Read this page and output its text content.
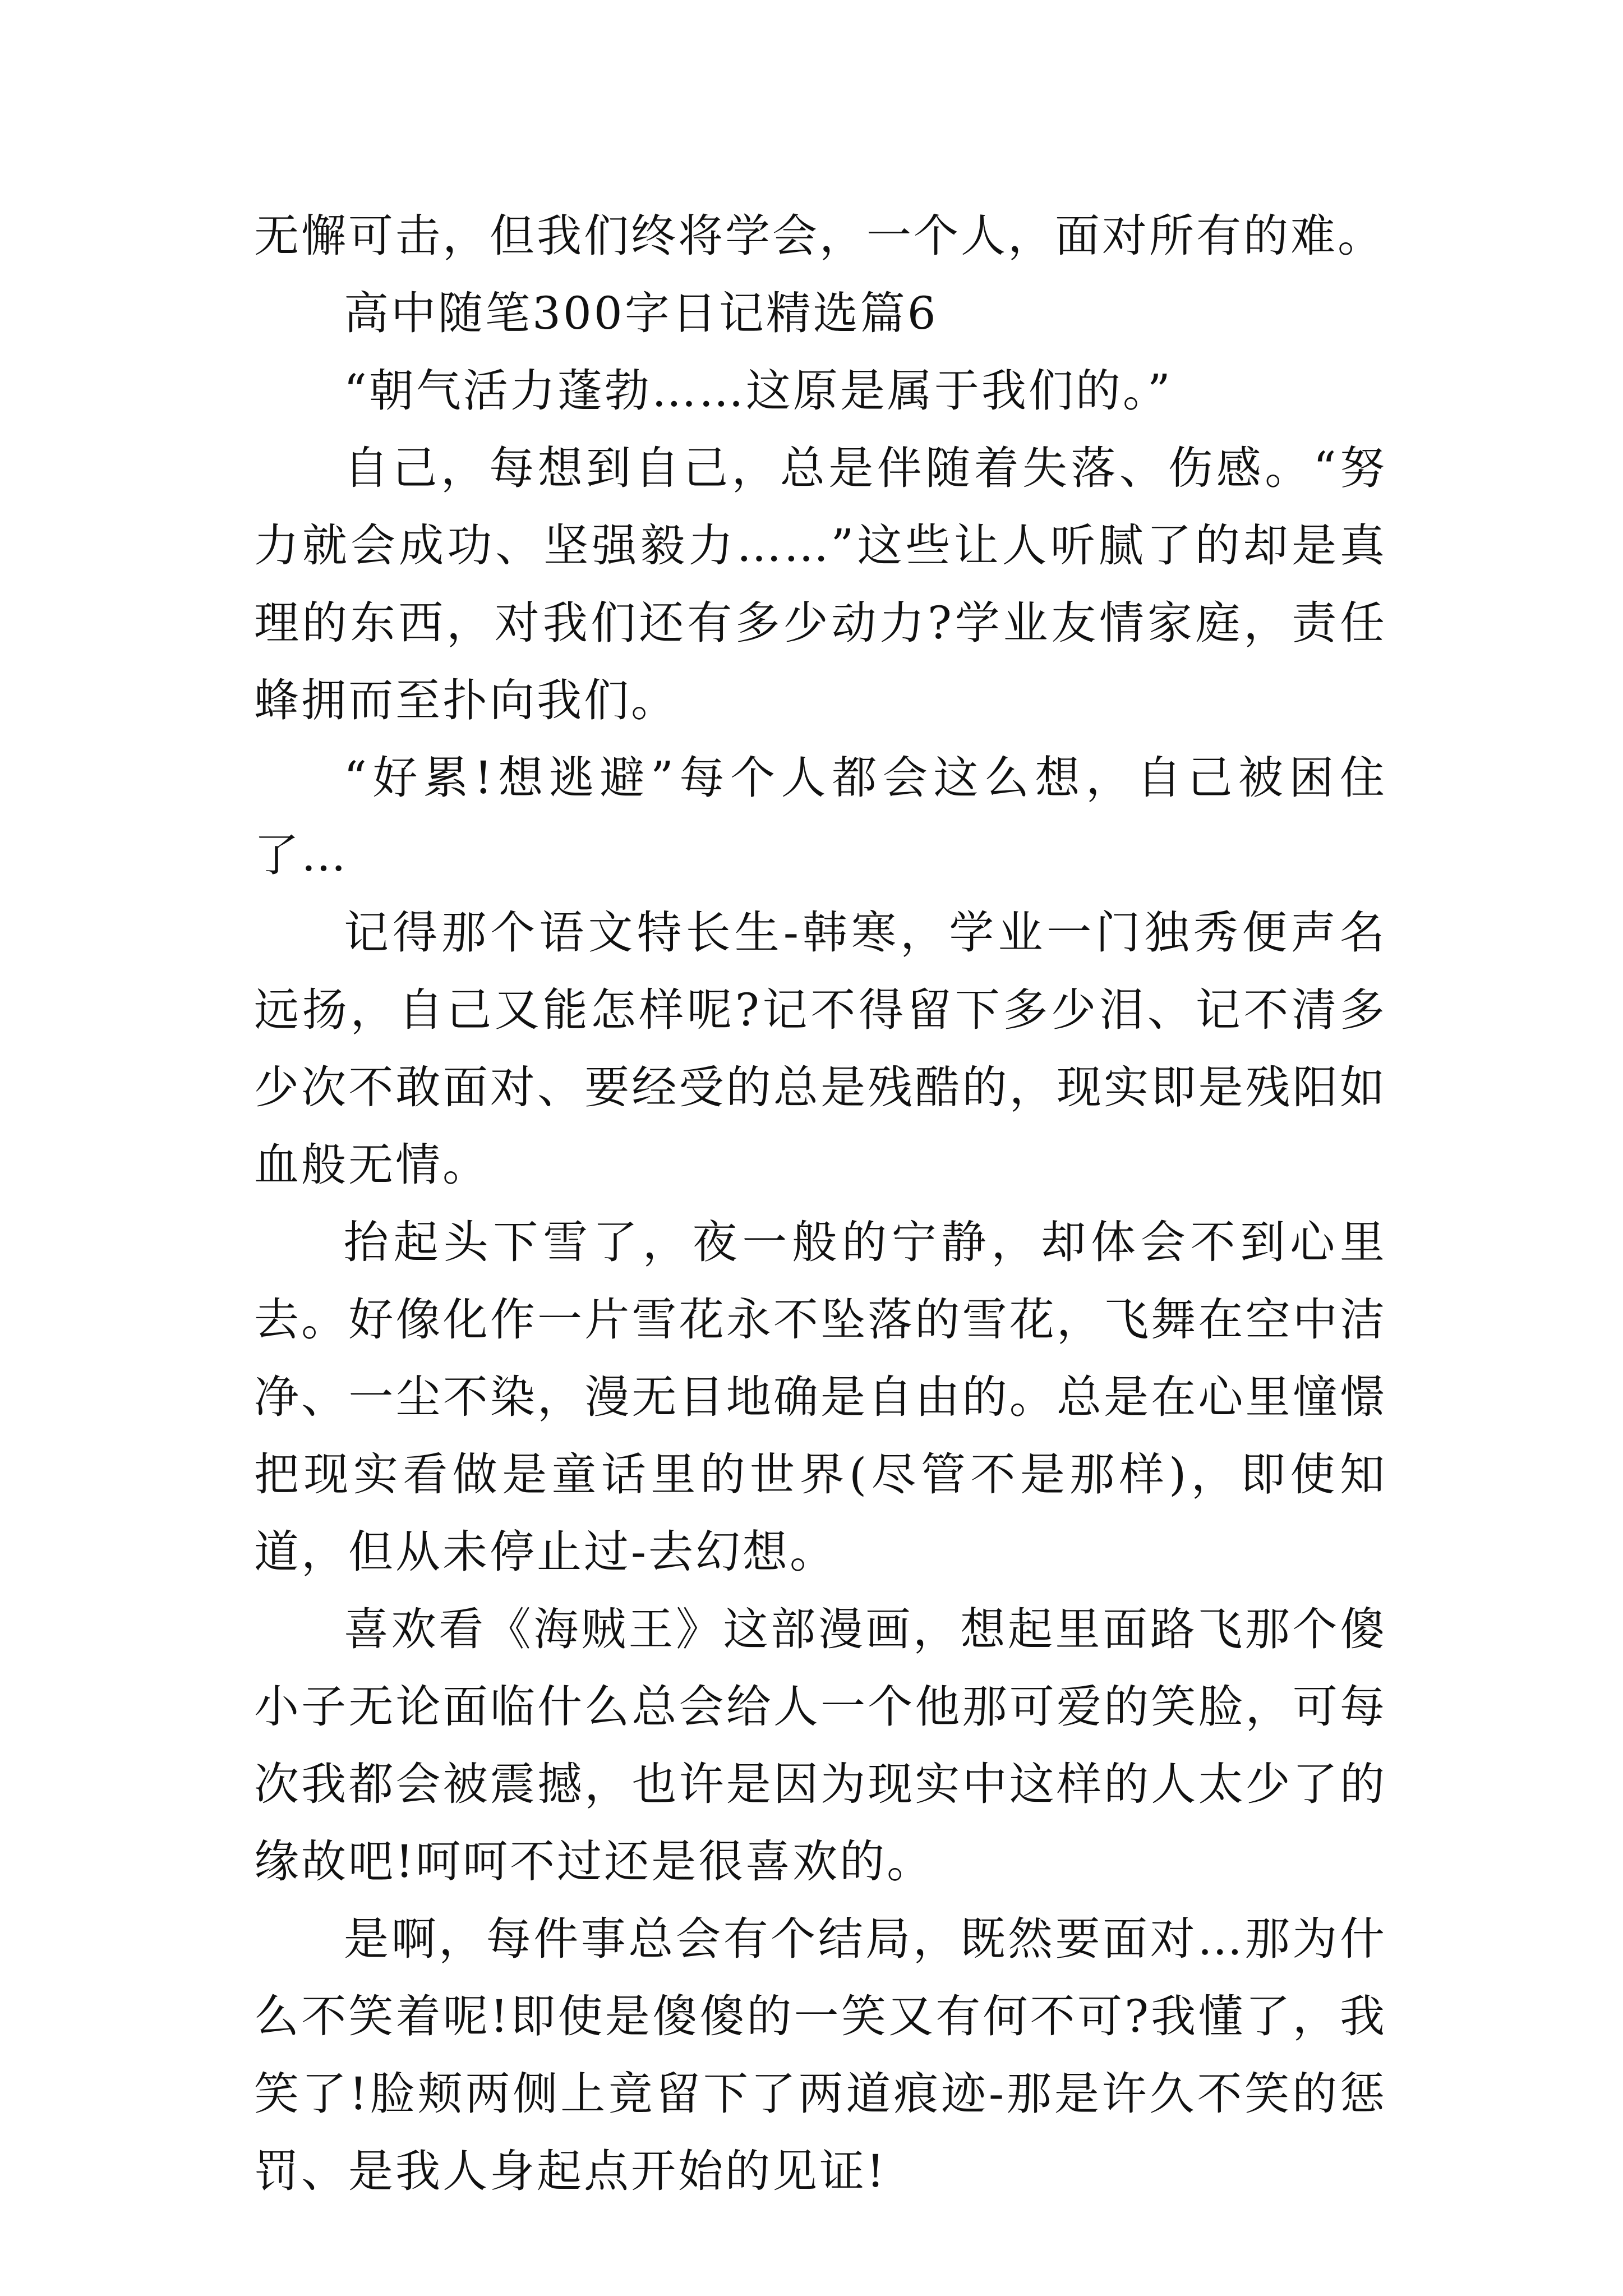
无懈可击，但我们终将学会，一个人，面对所有的难。

高中随笔300字日记精选篇6

“朝气活力蓬勃……这原是属于我们的。”

自己，每想到自己，总是伴随着失落、伤感。“努力就会成功、坚强毅力……”这些让人听腻了的却是真理的东西，对我们还有多少动力?学业友情家庭，责任蜂拥而至扑向我们。

“好累!想逃避”每个人都会这么想，自己被困住了…

记得那个语文特长生-韩寒，学业一门独秀便声名远扬，自己又能怎样呢?记不得留下多少泪、记不清多少次不敢面对、要经受的总是残酷的，现实即是残阳如血般无情。

抬起头下雪了，夜一般的宁静，却体会不到心里去。好像化作一片雪花永不坠落的雪花，飞舞在空中洁净、一尘不染，漫无目地确是自由的。总是在心里憧憬把现实看做是童话里的世界(尽管不是那样)，即使知道，但从未停止过-去幻想。

喜欢看《海贼王》这部漫画，想起里面路飞那个傻小子无论面临什么总会给人一个他那可爱的笑脸，可每次我都会被震撼，也许是因为现实中这样的人太少了的缘故吧!呵呵不过还是很喜欢的。

是啊，每件事总会有个结局，既然要面对…那为什么不笑着呢!即使是傻傻的一笑又有何不可?我懂了，我笑了!脸颊两侧上竟留下了两道痕迹-那是许久不笑的惩罚、是我人身起点开始的见证!
